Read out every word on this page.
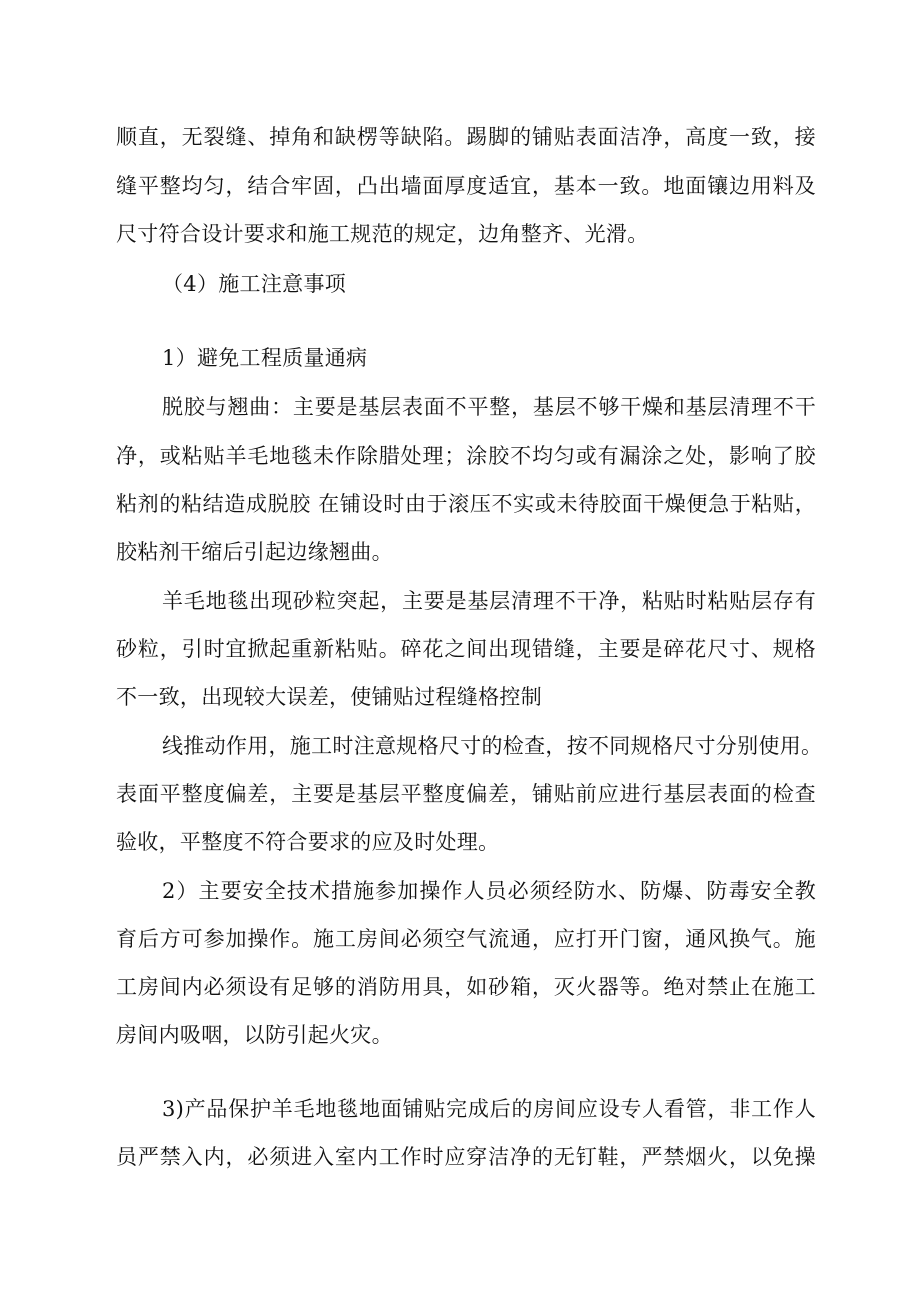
顺直，无裂缝、掉角和缺楞等缺陷。踢脚的铺贴表面洁净，高度一致，接
缝平整均匀，结合牢固，凸出墙面厚度适宜，基本一致。地面镶边用料及
尺寸符合设计要求和施工规范的规定，边角整齐、光滑。
（4）施工注意事项
1）避免工程质量通病
脱胶与翘曲：主要是基层表面不平整，基层不够干燥和基层清理不干
净，或粘贴羊毛地毯未作除腊处理；涂胶不均匀或有漏涂之处，影响了胶
粘剂的粘结造成脱胶 在铺设时由于滚压不实或未待胶面干燥便急于粘贴，
胶粘剂干缩后引起边缘翘曲。
羊毛地毯出现砂粒突起，主要是基层清理不干净，粘贴时粘贴层存有
砂粒，引时宜掀起重新粘贴。碎花之间出现错缝，主要是碎花尺寸、规格
不一致，出现较大误差，使铺贴过程缝格控制
线推动作用，施工时注意规格尺寸的检查，按不同规格尺寸分别使用。
表面平整度偏差，主要是基层平整度偏差，铺贴前应进行基层表面的检查
验收，平整度不符合要求的应及时处理。
2）主要安全技术措施参加操作人员必须经防水、防爆、防毒安全教
育后方可参加操作。施工房间必须空气流通，应打开门窗，通风换气。施
工房间内必须设有足够的消防用具，如砂箱，灭火器等。绝对禁止在施工
房间内吸咽，以防引起火灾。
3)产品保护羊毛地毯地面铺贴完成后的房间应设专人看管，非工作人
员严禁入内，必须进入室内工作时应穿洁净的无钉鞋，严禁烟火，以免操
